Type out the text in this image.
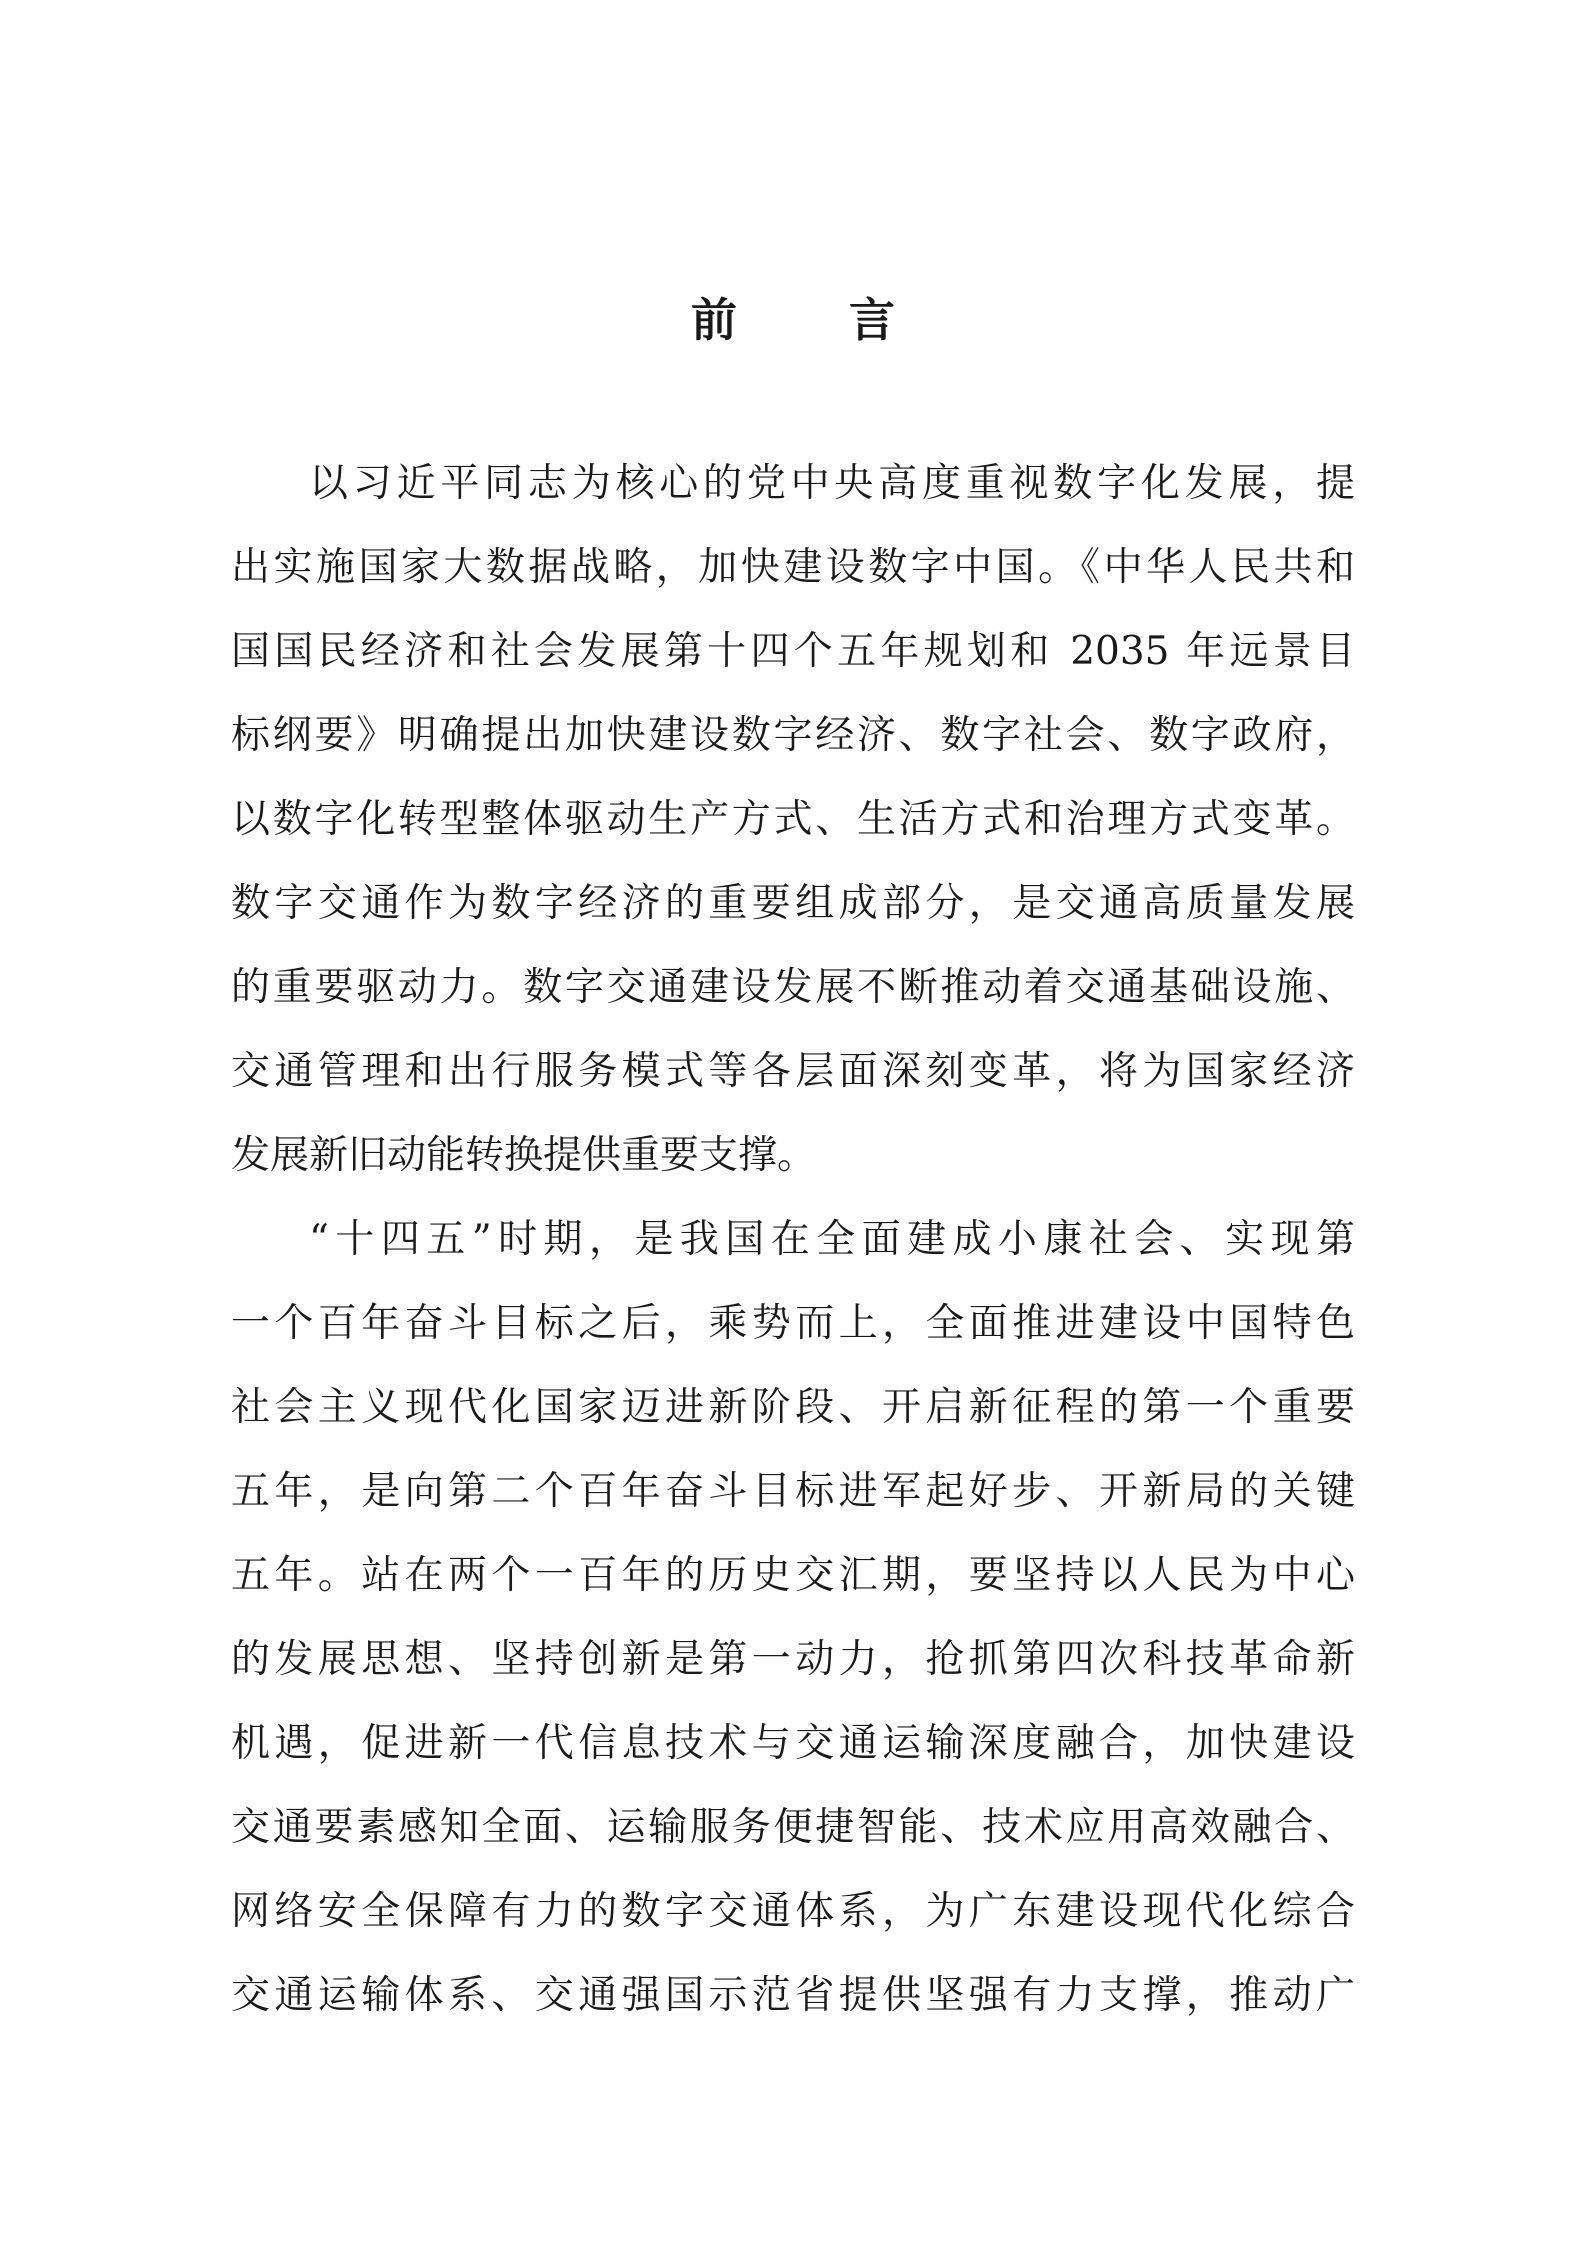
前 言
以习近平同志为核心的党中央高度重视数字化发展，提
出实施国家大数据战略，加快建设数字中国。《中华人民共和
国国民经济和社会发展第十四个五年规划和 2035 年远景目
标纲要》明确提出加快建设数字经济、数字社会、数字政府，
以数字化转型整体驱动生产方式、生活方式和治理方式变革。
数字交通作为数字经济的重要组成部分，是交通高质量发展
的重要驱动力。数字交通建设发展不断推动着交通基础设施、
交通管理和出行服务模式等各层面深刻变革，将为国家经济
发展新旧动能转换提供重要支撑。
“十四五”时期，是我国在全面建成小康社会、实现第
一个百年奋斗目标之后，乘势而上，全面推进建设中国特色
社会主义现代化国家迈进新阶段、开启新征程的第一个重要
五年，是向第二个百年奋斗目标进军起好步、开新局的关键
五年。站在两个一百年的历史交汇期，要坚持以人民为中心
的发展思想、坚持创新是第一动力，抢抓第四次科技革命新
机遇，促进新一代信息技术与交通运输深度融合，加快建设
交通要素感知全面、运输服务便捷智能、技术应用高效融合、
网络安全保障有力的数字交通体系，为广东建设现代化综合
交通运输体系、交通强国示范省提供坚强有力支撑，推动广
